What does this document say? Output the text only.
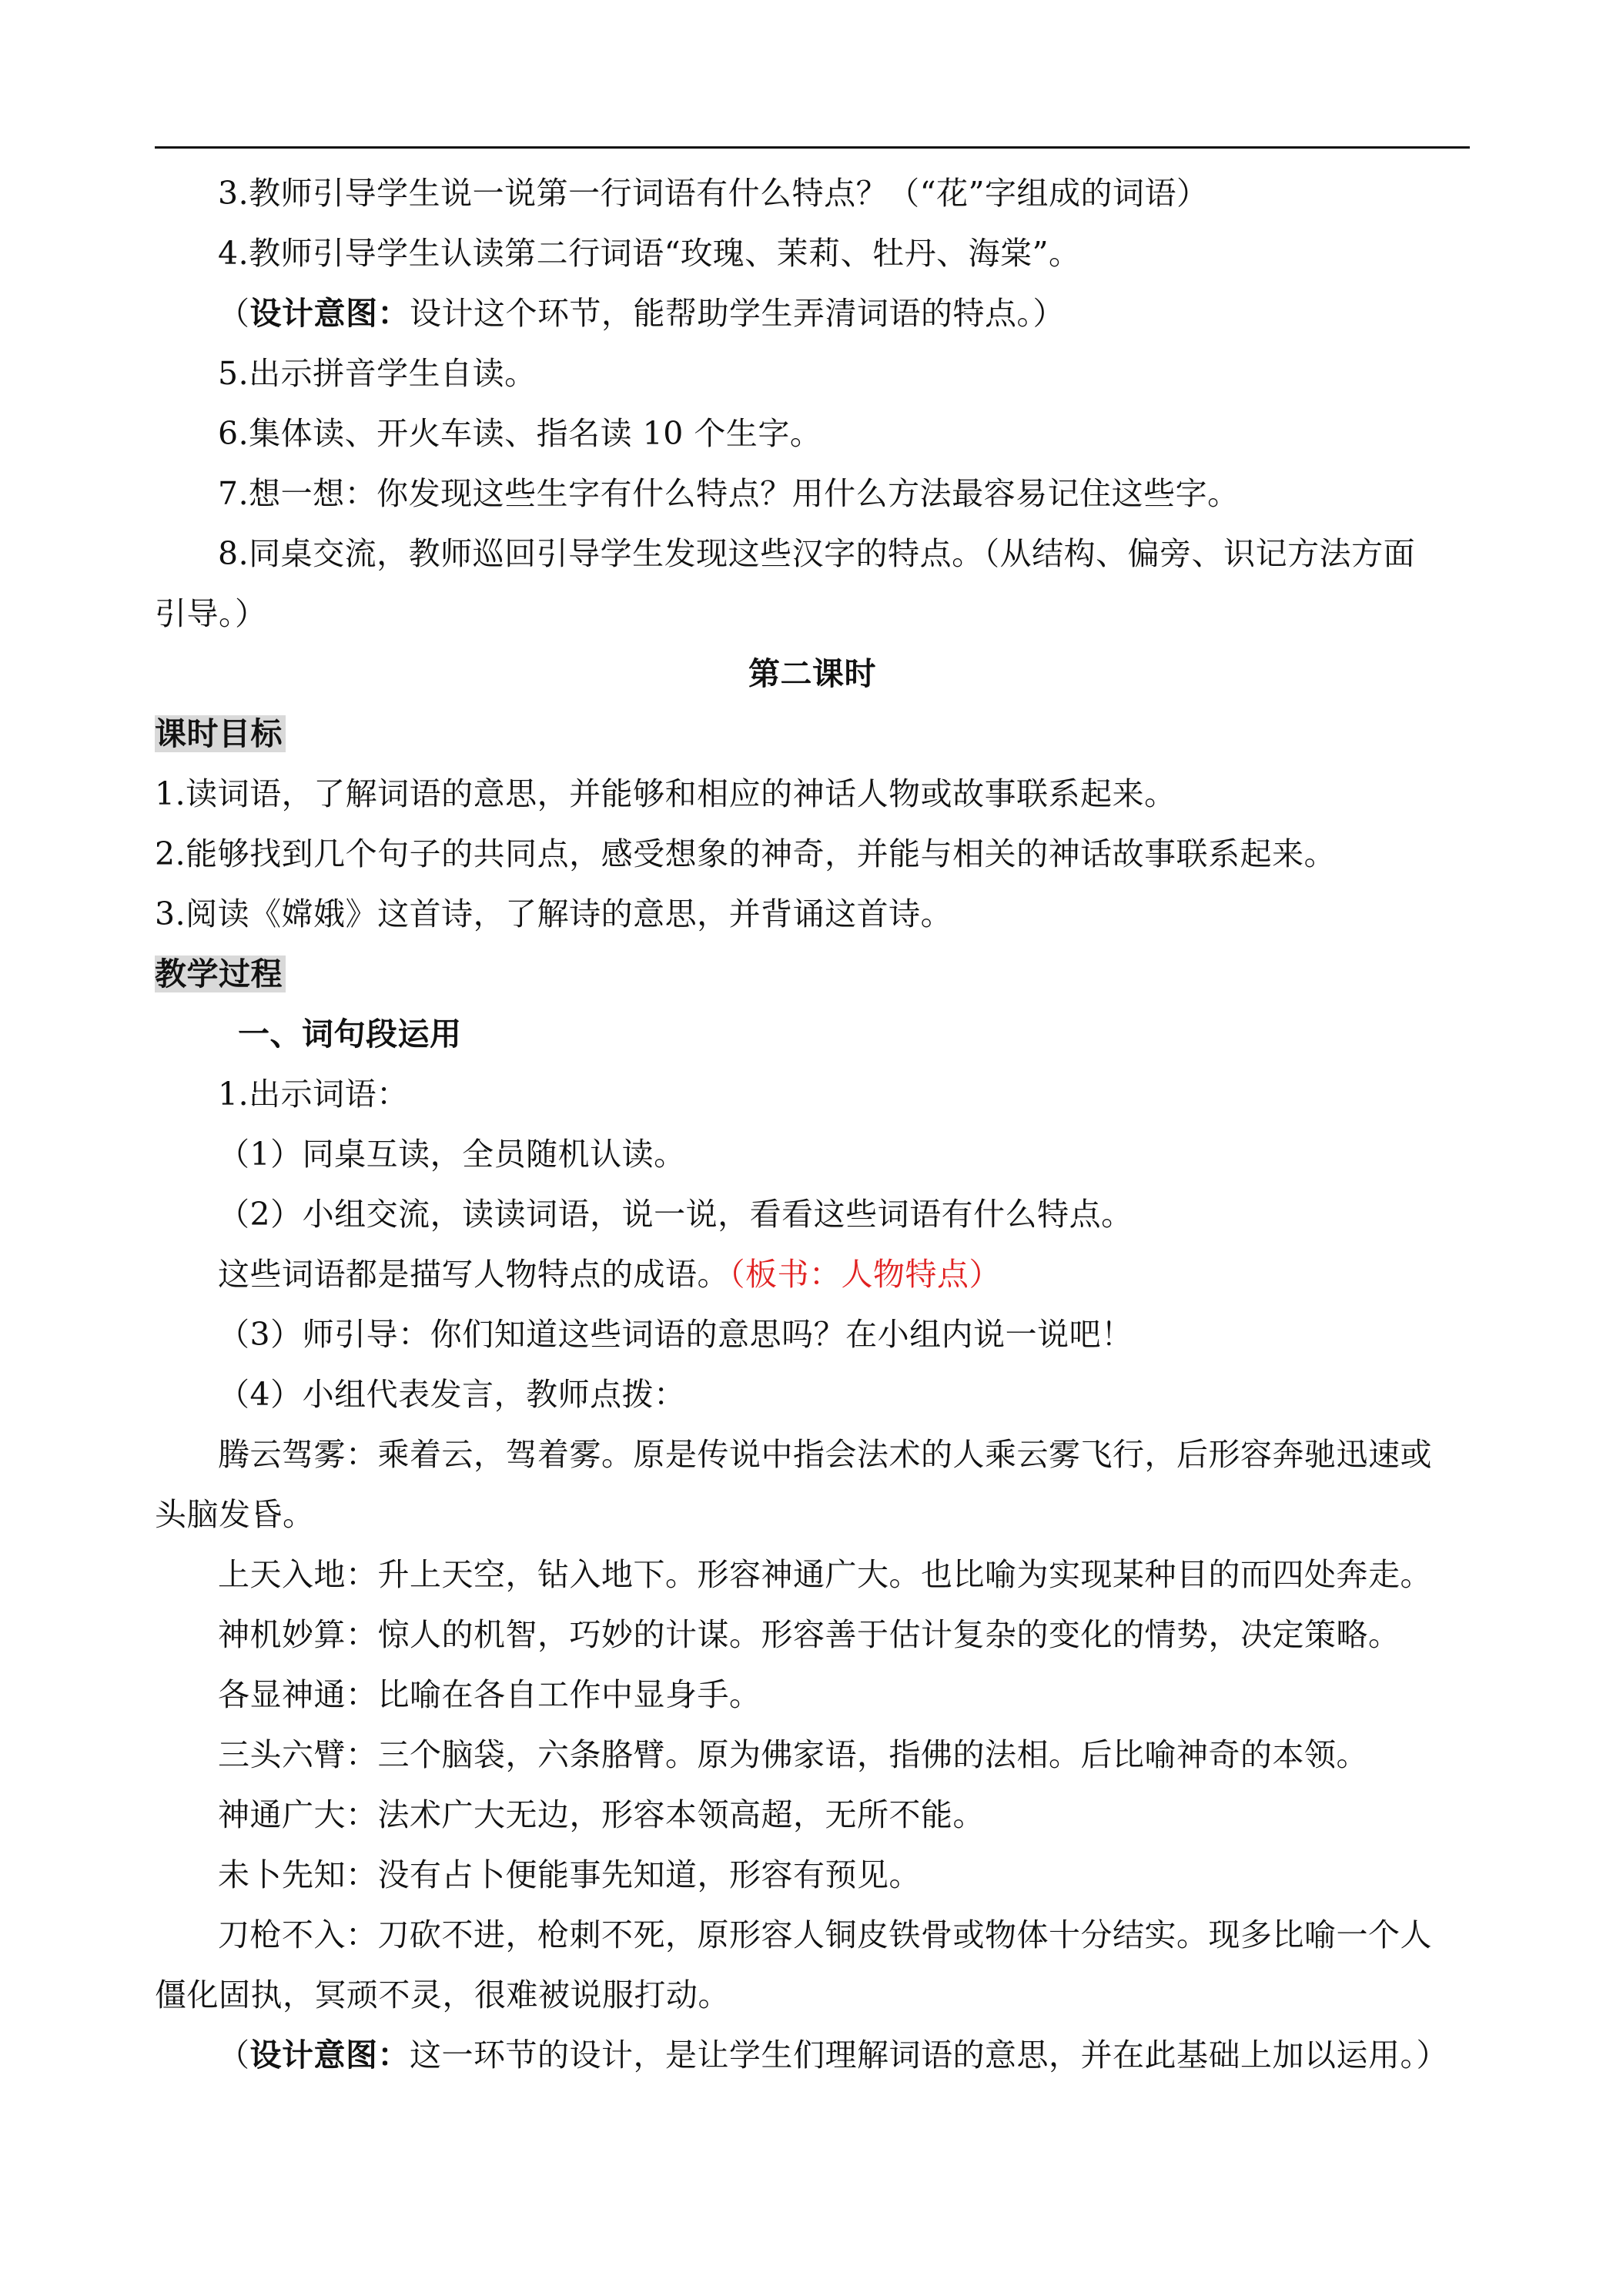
3.教师引导学生说一说第一行词语有什么特点？（“花”字组成的词语）
4.教师引导学生认读第二行词语“玫瑰、茉莉、牡丹、海棠”。
（设计意图：设计这个环节，能帮助学生弄清词语的特点。）
5.出示拼音学生自读。
6.集体读、开火车读、指名读 10 个生字。
7.想一想：你发现这些生字有什么特点？用什么方法最容易记住这些字。
8.同桌交流，教师巡回引导学生发现这些汉字的特点。（从结构、偏旁、识记方法方面
引导。）
第二课时
课时目标
1.读词语，了解词语的意思，并能够和相应的神话人物或故事联系起来。
2.能够找到几个句子的共同点，感受想象的神奇，并能与相关的神话故事联系起来。
3.阅读《嫦娥》这首诗，了解诗的意思，并背诵这首诗。
教学过程
一、词句段运用
1.出示词语：
（1）同桌互读，全员随机认读。
（2）小组交流，读读词语，说一说，看看这些词语有什么特点。
这些词语都是描写人物特点的成语。（板书：人物特点）
（3）师引导：你们知道这些词语的意思吗？在小组内说一说吧！
（4）小组代表发言，教师点拨：
腾云驾雾：乘着云，驾着雾。原是传说中指会法术的人乘云雾飞行，后形容奔驰迅速或
头脑发昏。
上天入地：升上天空，钻入地下。形容神通广大。也比喻为实现某种目的而四处奔走。
神机妙算：惊人的机智，巧妙的计谋。形容善于估计复杂的变化的情势，决定策略。
各显神通：比喻在各自工作中显身手。
三头六臂：三个脑袋，六条胳臂。原为佛家语，指佛的法相。后比喻神奇的本领。
神通广大：法术广大无边，形容本领高超，无所不能。
未卜先知：没有占卜便能事先知道，形容有预见。
刀枪不入：刀砍不进，枪刺不死，原形容人铜皮铁骨或物体十分结实。现多比喻一个人
僵化固执，冥顽不灵，很难被说服打动。
（设计意图：这一环节的设计，是让学生们理解词语的意思，并在此基础上加以运用。）
